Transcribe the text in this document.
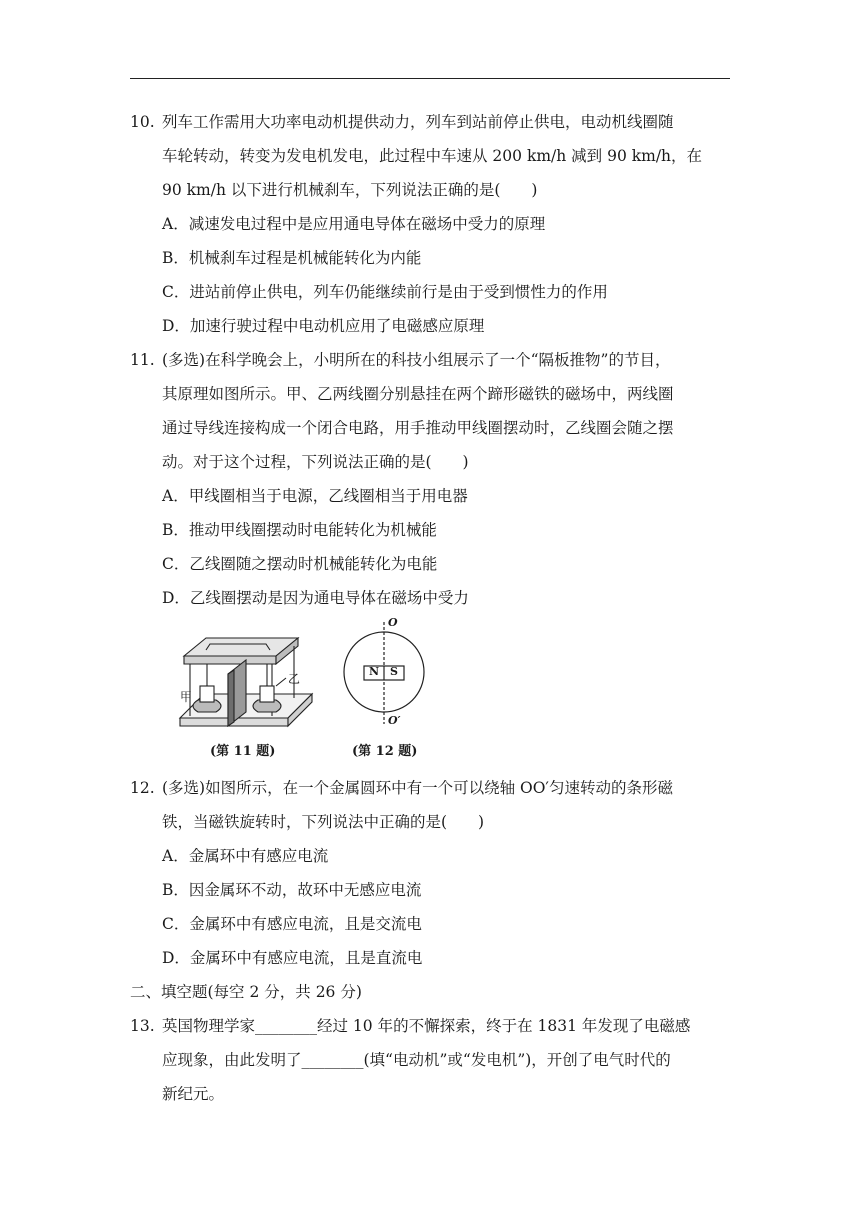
10. 列车工作需用大功率电动机提供动力，列车到站前停止供电，电动机线圈随
车轮转动，转变为发电机发电，此过程中车速从 200 km/h 减到 90 km/h，在
90 km/h 以下进行机械刹车，下列说法正确的是(　　)
A．减速发电过程中是应用通电导体在磁场中受力的原理
B．机械刹车过程是机械能转化为内能
C．进站前停止供电，列车仍能继续前行是由于受到惯性力的作用
D．加速行驶过程中电动机应用了电磁感应原理
11. (多选)在科学晚会上，小明所在的科技小组展示了一个“隔板推物”的节目，
其原理如图所示。甲、乙两线圈分别悬挂在两个蹄形磁铁的磁场中，两线圈
通过导线连接构成一个闭合电路，用手推动甲线圈摆动时，乙线圈会随之摆
动。对于这个过程，下列说法正确的是(　　)
A．甲线圈相当于电源，乙线圈相当于用电器
B．推动甲线圈摆动时电能转化为机械能
C．乙线圈随之摆动时机械能转化为电能
D．乙线圈摆动是因为通电导体在磁场中受力
甲
乙
O
O′
N S
(第 11 题)	(第 12 题)
12. (多选)如图所示，在一个金属圆环中有一个可以绕轴 OO′匀速转动的条形磁
铁，当磁铁旋转时，下列说法中正确的是(　　)
A．金属环中有感应电流
B．因金属环不动，故环中无感应电流
C．金属环中有感应电流，且是交流电
D．金属环中有感应电流，且是直流电
二、填空题(每空 2 分，共 26 分)
13. 英国物理学家________经过 10 年的不懈探索，终于在 1831 年发现了电磁感
应现象，由此发明了________(填“电动机”或“发电机”)，开创了电气时代的
新纪元。
